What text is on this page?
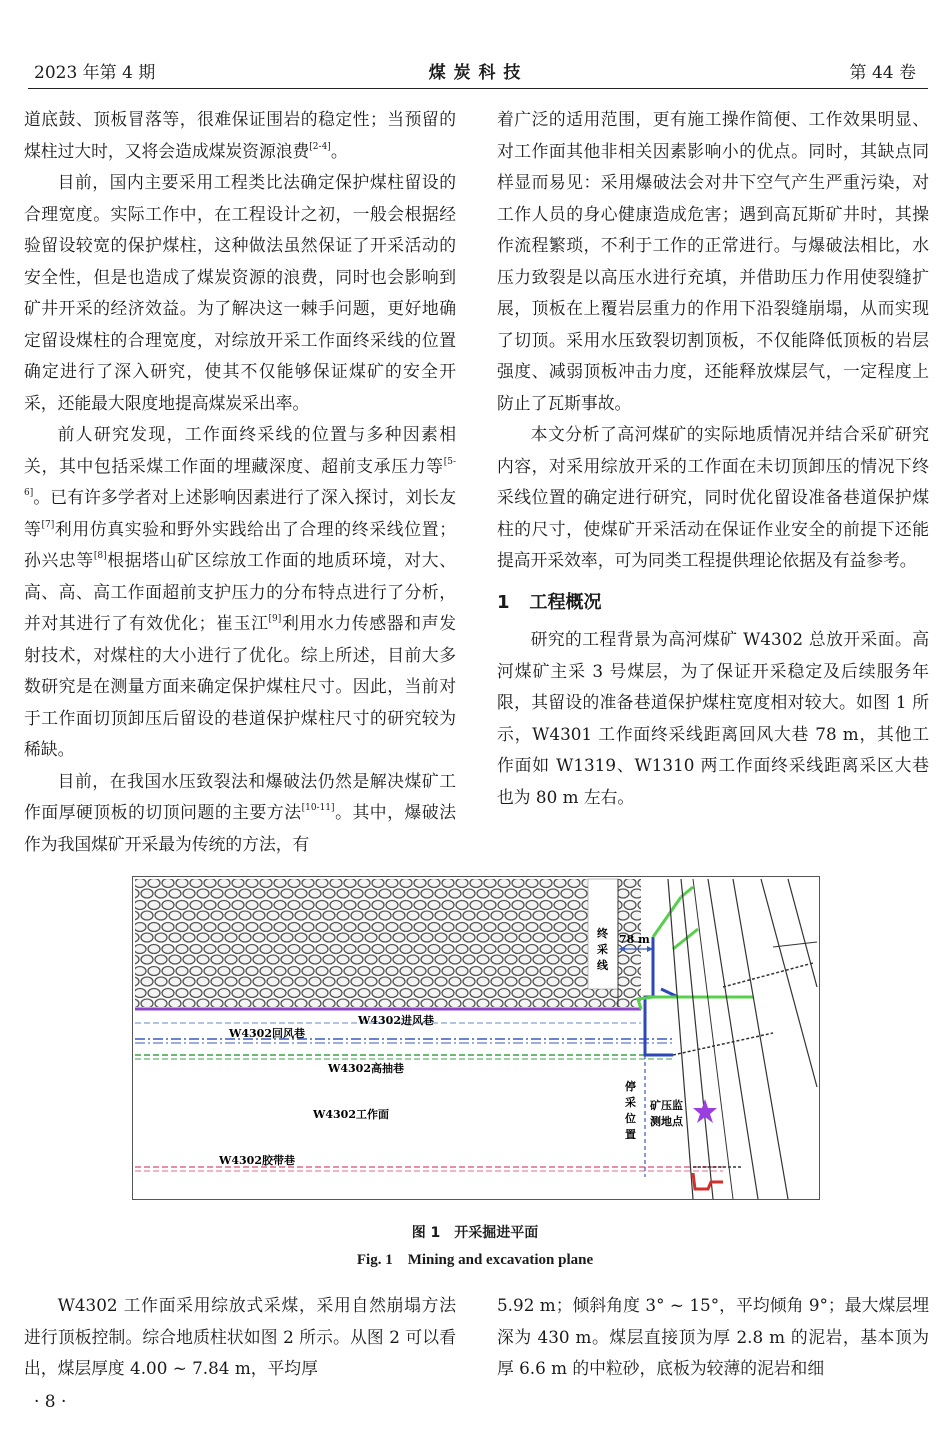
2023 年第 4 期	煤 炭 科 技	第 44 卷

道底鼓、顶板冒落等，很难保证围岩的稳定性；当预留的煤柱过大时，又将会造成煤炭资源浪费[2-4]。

目前，国内主要采用工程类比法确定保护煤柱留设的合理宽度。实际工作中，在工程设计之初，一般会根据经验留设较宽的保护煤柱，这种做法虽然保证了开采活动的安全性，但是也造成了煤炭资源的浪费，同时也会影响到矿井开采的经济效益。为了解决这一棘手问题，更好地确定留设煤柱的合理宽度，对综放开采工作面终采线的位置确定进行了深入研究，使其不仅能够保证煤矿的安全开采，还能最大限度地提高煤炭采出率。

前人研究发现，工作面终采线的位置与多种因素相关，其中包括采煤工作面的埋藏深度、超前支承压力等[5-6]。已有许多学者对上述影响因素进行了深入探讨，刘长友等[7]利用仿真实验和野外实践给出了合理的终采线位置；孙兴忠等[8]根据塔山矿区综放工作面的地质环境，对大、高、高、高工作面超前支护压力的分布特点进行了分析，并对其进行了有效优化；崔玉江[9]利用水力传感器和声发射技术，对煤柱的大小进行了优化。综上所述，目前大多数研究是在测量方面来确定保护煤柱尺寸。因此，当前对于工作面切顶卸压后留设的巷道保护煤柱尺寸的研究较为稀缺。

目前，在我国水压致裂法和爆破法仍然是解决煤矿工作面厚硬顶板的切顶问题的主要方法[10-11]。其中，爆破法作为我国煤矿开采最为传统的方法，有

着广泛的适用范围，更有施工操作简便、工作效果明显、对工作面其他非相关因素影响小的优点。同时，其缺点同样显而易见：采用爆破法会对井下空气产生严重污染，对工作人员的身心健康造成危害；遇到高瓦斯矿井时，其操作流程繁琐，不利于工作的正常进行。与爆破法相比，水压力致裂是以高压水进行充填，并借助压力作用使裂缝扩展，顶板在上覆岩层重力的作用下沿裂缝崩塌，从而实现了切顶。采用水压致裂切割顶板，不仅能降低顶板的岩层强度、减弱顶板冲击力度，还能释放煤层气，一定程度上防止了瓦斯事故。

本文分析了高河煤矿的实际地质情况并结合采矿研究内容，对采用综放开采的工作面在未切顶卸压的情况下终采线位置的确定进行研究，同时优化留设准备巷道保护煤柱的尺寸，使煤矿开采活动在保证作业安全的前提下还能提高开采效率，可为同类工程提供理论依据及有益参考。

1 工程概况

研究的工程背景为高河煤矿 W4302 总放开采面。高河煤矿主采 3 号煤层，为了保证开采稳定及后续服务年限，其留设的准备巷道保护煤柱宽度相对较大。如图 1 所示，W4301 工作面终采线距离回风大巷 78 m，其他工作面如 W1319、W1310 两工作面终采线距离采区大巷也为 80 m 左右。

78 m
终 采 线
W4302进风巷
W4302回风巷
W4302高抽巷
W4302工作面
W4302胶带巷
停 采 位 置
矿压监 测地点
图 1　开采掘进平面
Fig. 1　Mining and excavation plane

W4302 工作面采用综放式采煤，采用自然崩塌方法进行顶板控制。综合地质柱状如图 2 所示。从图 2 可以看出，煤层厚度 4.00 ~ 7.84 m，平均厚

5.92 m；倾斜角度 3° ~ 15°，平均倾角 9°；最大煤层埋深为 430 m。煤层直接顶为厚 2.8 m 的泥岩，基本顶为厚 6.6 m 的中粒砂，底板为较薄的泥岩和细

· 8 ·
